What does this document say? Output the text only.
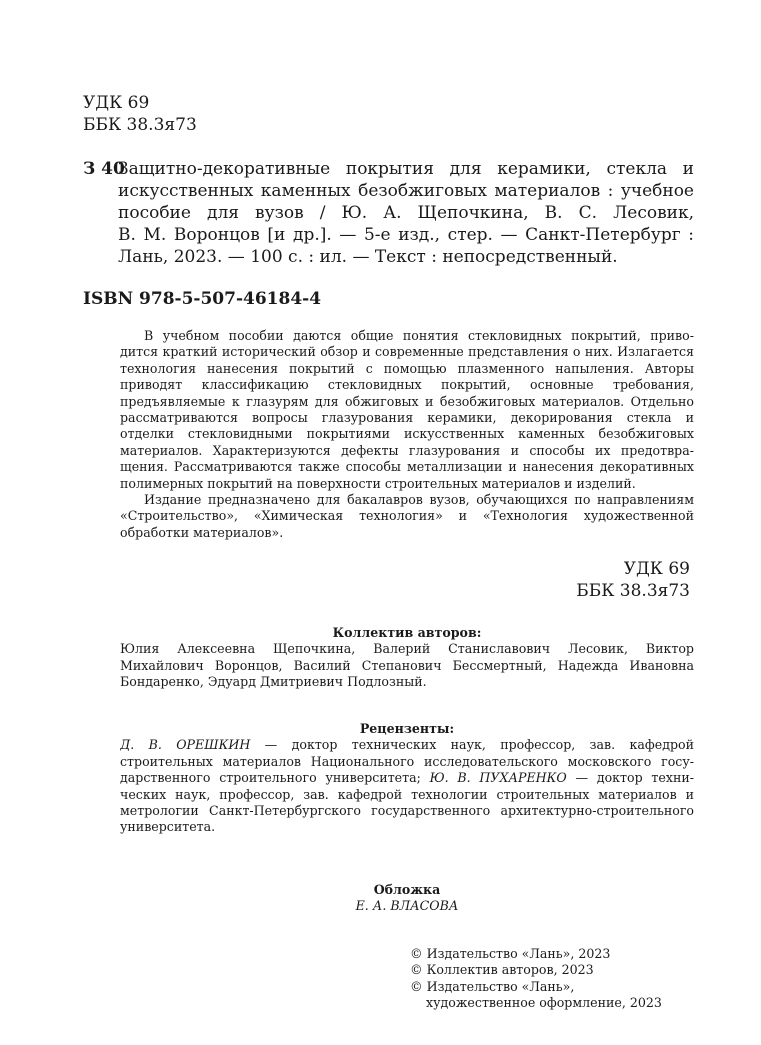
УДК 69
ББК 38.3я73
З 40
Защитно-декоративные покрытия для керамики, стекла и
искусственных каменных безобжиговых материалов : учебное
пособие для вузов / Ю. А. Щепочкина, В. С. Лесовик,
В. М. Воронцов [и др.]. — 5-е изд., стер. — Санкт-Петербург :
Лань, 2023. — 100 с. : ил. — Текст : непосредственный.
ISBN 978-5-507-46184-4
В учебном пособии даются общие понятия стекловидных покрытий, приво-
дится краткий исторический обзор и современные представления о них. Излагается
технология нанесения покрытий с помощью плазменного напыления. Авторы
приводят классификацию стекловидных покрытий, основные требования,
предъявляемые к глазурям для обжиговых и безобжиговых материалов. Отдельно
рассматриваются вопросы глазурования керамики, декорирования стекла и
отделки стекловидными покрытиями искусственных каменных безобжиговых
материалов. Характеризуются дефекты глазурования и способы их предотвра-
щения. Рассматриваются также способы металлизации и нанесения декоративных
полимерных покрытий на поверхности строительных материалов и изделий.
Издание предназначено для бакалавров вузов, обучающихся по направлениям
«Строительство», «Химическая технология» и «Технология художественной
обработки материалов».
УДК 69
ББК 38.3я73
Коллектив авторов:
Юлия Алексеевна Щепочкина, Валерий Станиславович Лесовик, Виктор
Михайлович Воронцов, Василий Степанович Бессмертный, Надежда Ивановна
Бондаренко, Эдуард Дмитриевич Подлозный.
Рецензенты:
Д. В. ОРЕШКИН — доктор технических наук, профессор, зав. кафедрой
строительных материалов Национального исследовательского московского госу-
дарственного строительного университета; Ю. В. ПУХАРЕНКО — доктор техни-
ческих наук, профессор, зав. кафедрой технологии строительных материалов и
метрологии Санкт-Петербургского государственного архитектурно-строительного
университета.
Обложка
Е. А. ВЛАСОВА
© Издательство «Лань», 2023
© Коллектив авторов, 2023
© Издательство «Лань»,
художественное оформление, 2023
